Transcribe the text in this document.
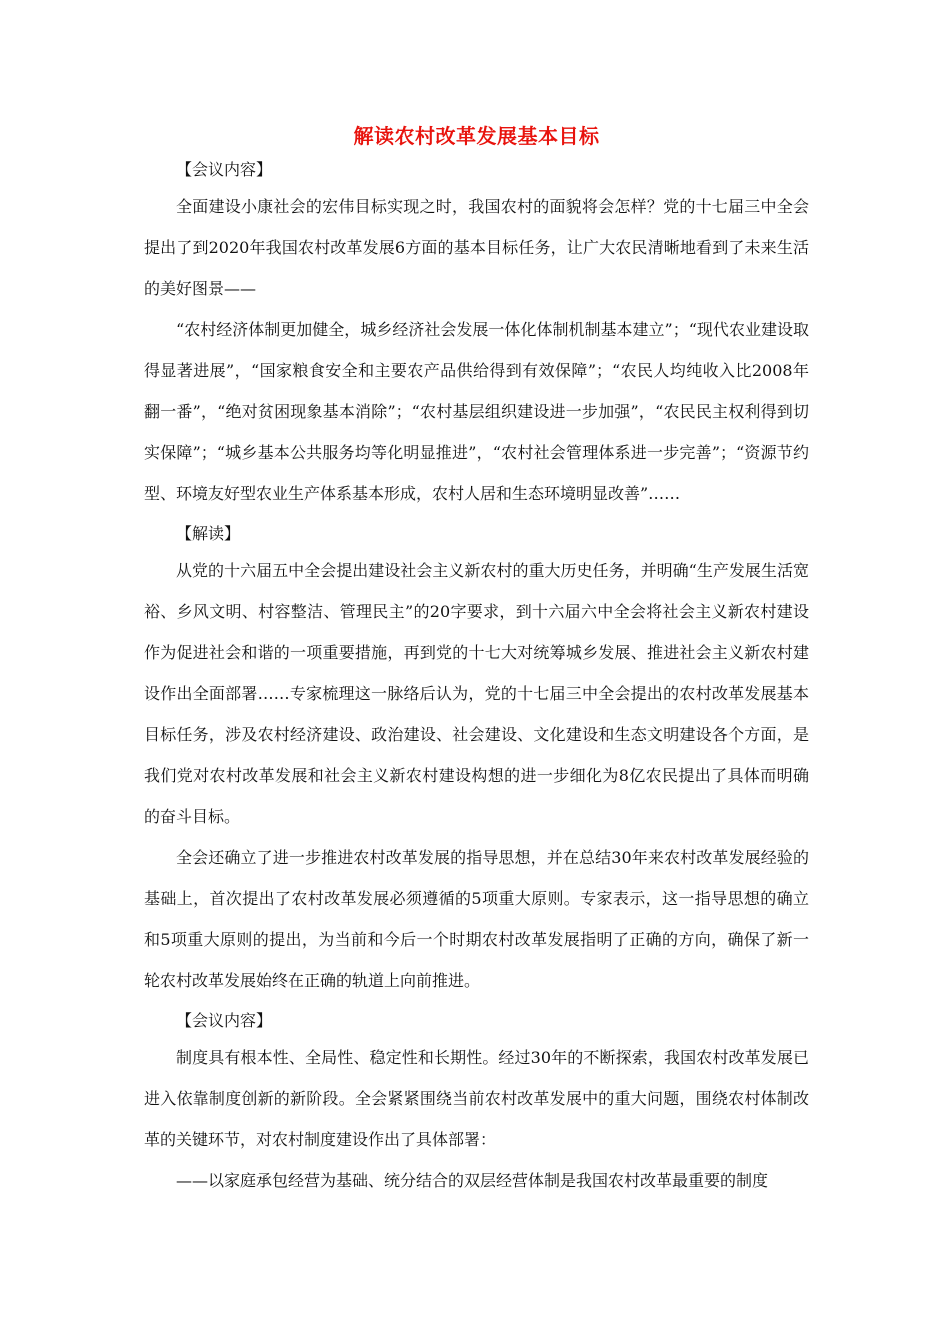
解读农村改革发展基本目标

【会议内容】

全面建设小康社会的宏伟目标实现之时，我国农村的面貌将会怎样？党的十七届三中全会提出了到2020年我国农村改革发展6方面的基本目标任务，让广大农民清晰地看到了未来生活的美好图景——

“农村经济体制更加健全，城乡经济社会发展一体化体制机制基本建立”；“现代农业建设取得显著进展”，“国家粮食安全和主要农产品供给得到有效保障”；“农民人均纯收入比2008年翻一番”，“绝对贫困现象基本消除”；“农村基层组织建设进一步加强”，“农民民主权利得到切实保障”；“城乡基本公共服务均等化明显推进”，“农村社会管理体系进一步完善”；“资源节约型、环境友好型农业生产体系基本形成，农村人居和生态环境明显改善”……

【解读】

从党的十六届五中全会提出建设社会主义新农村的重大历史任务，并明确“生产发展生活宽裕、乡风文明、村容整洁、管理民主”的20字要求，到十六届六中全会将社会主义新农村建设作为促进社会和谐的一项重要措施，再到党的十七大对统筹城乡发展、推进社会主义新农村建设作出全面部署……专家梳理这一脉络后认为，党的十七届三中全会提出的农村改革发展基本目标任务，涉及农村经济建设、政治建设、社会建设、文化建设和生态文明建设各个方面，是我们党对农村改革发展和社会主义新农村建设构想的进一步细化为8亿农民提出了具体而明确的奋斗目标。

全会还确立了进一步推进农村改革发展的指导思想，并在总结30年来农村改革发展经验的基础上，首次提出了农村改革发展必须遵循的5项重大原则。专家表示，这一指导思想的确立和5项重大原则的提出，为当前和今后一个时期农村改革发展指明了正确的方向，确保了新一轮农村改革发展始终在正确的轨道上向前推进。

【会议内容】

制度具有根本性、全局性、稳定性和长期性。经过30年的不断探索，我国农村改革发展已进入依靠制度创新的新阶段。全会紧紧围绕当前农村改革发展中的重大问题，围绕农村体制改革的关键环节，对农村制度建设作出了具体部署：

——以家庭承包经营为基础、统分结合的双层经营体制是我国农村改革最重要的制度
